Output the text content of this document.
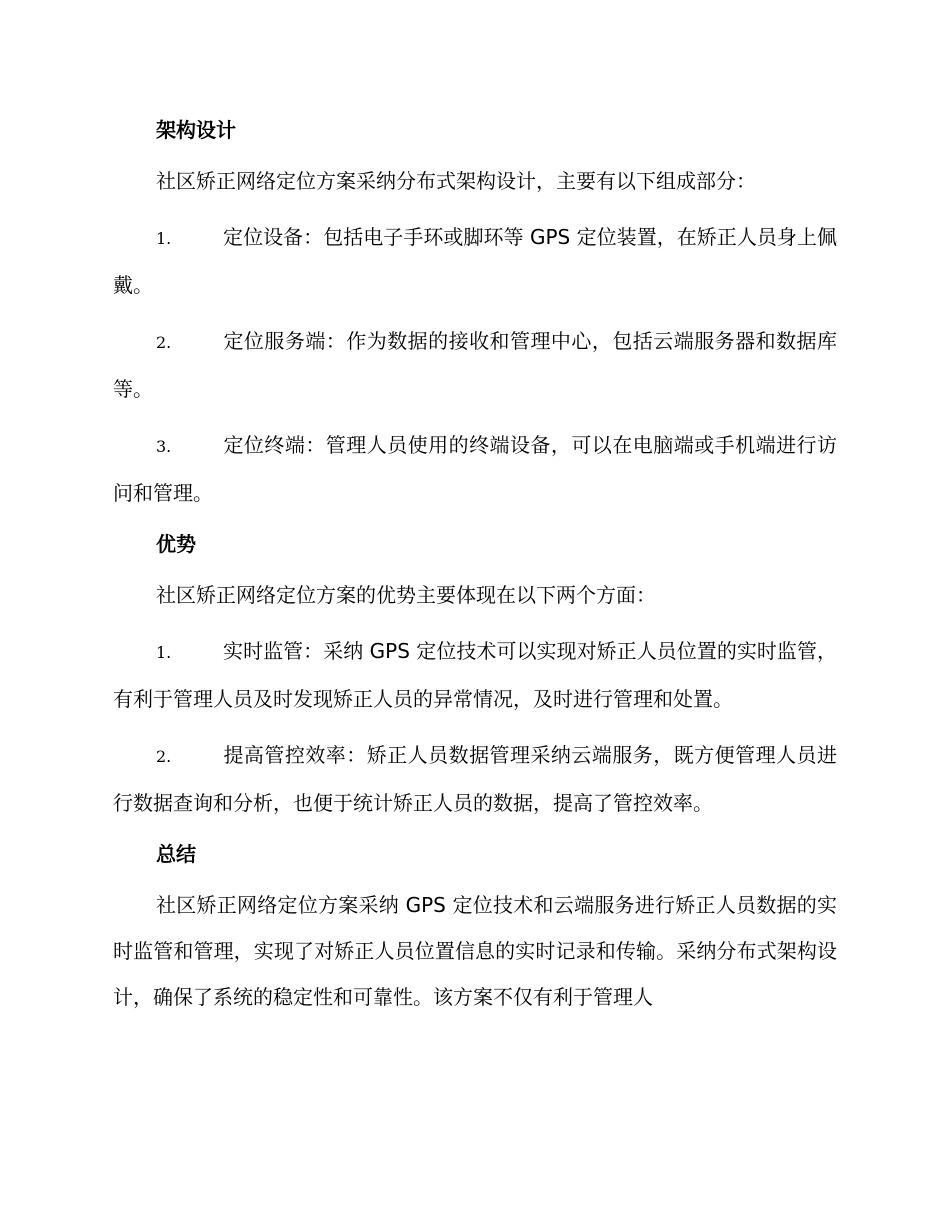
架构设计
社区矫正网络定位方案采纳分布式架构设计，主要有以下组成部分：
1.	定位设备：包括电子手环或脚环等 GPS 定位装置，在矫正人员身上佩戴。
2.	定位服务端：作为数据的接收和管理中心，包括云端服务器和数据库等。
3.	定位终端：管理人员使用的终端设备，可以在电脑端或手机端进行访问和管理。
优势
社区矫正网络定位方案的优势主要体现在以下两个方面：
1.	实时监管：采纳 GPS 定位技术可以实现对矫正人员位置的实时监管，有利于管理人员及时发现矫正人员的异常情况，及时进行管理和处置。
2.	提高管控效率：矫正人员数据管理采纳云端服务，既方便管理人员进行数据查询和分析，也便于统计矫正人员的数据，提高了管控效率。
总结
社区矫正网络定位方案采纳 GPS 定位技术和云端服务进行矫正人员数据的实时监管和管理，实现了对矫正人员位置信息的实时记录和传输。采纳分布式架构设计，确保了系统的稳定性和可靠性。该方案不仅有利于管理人
